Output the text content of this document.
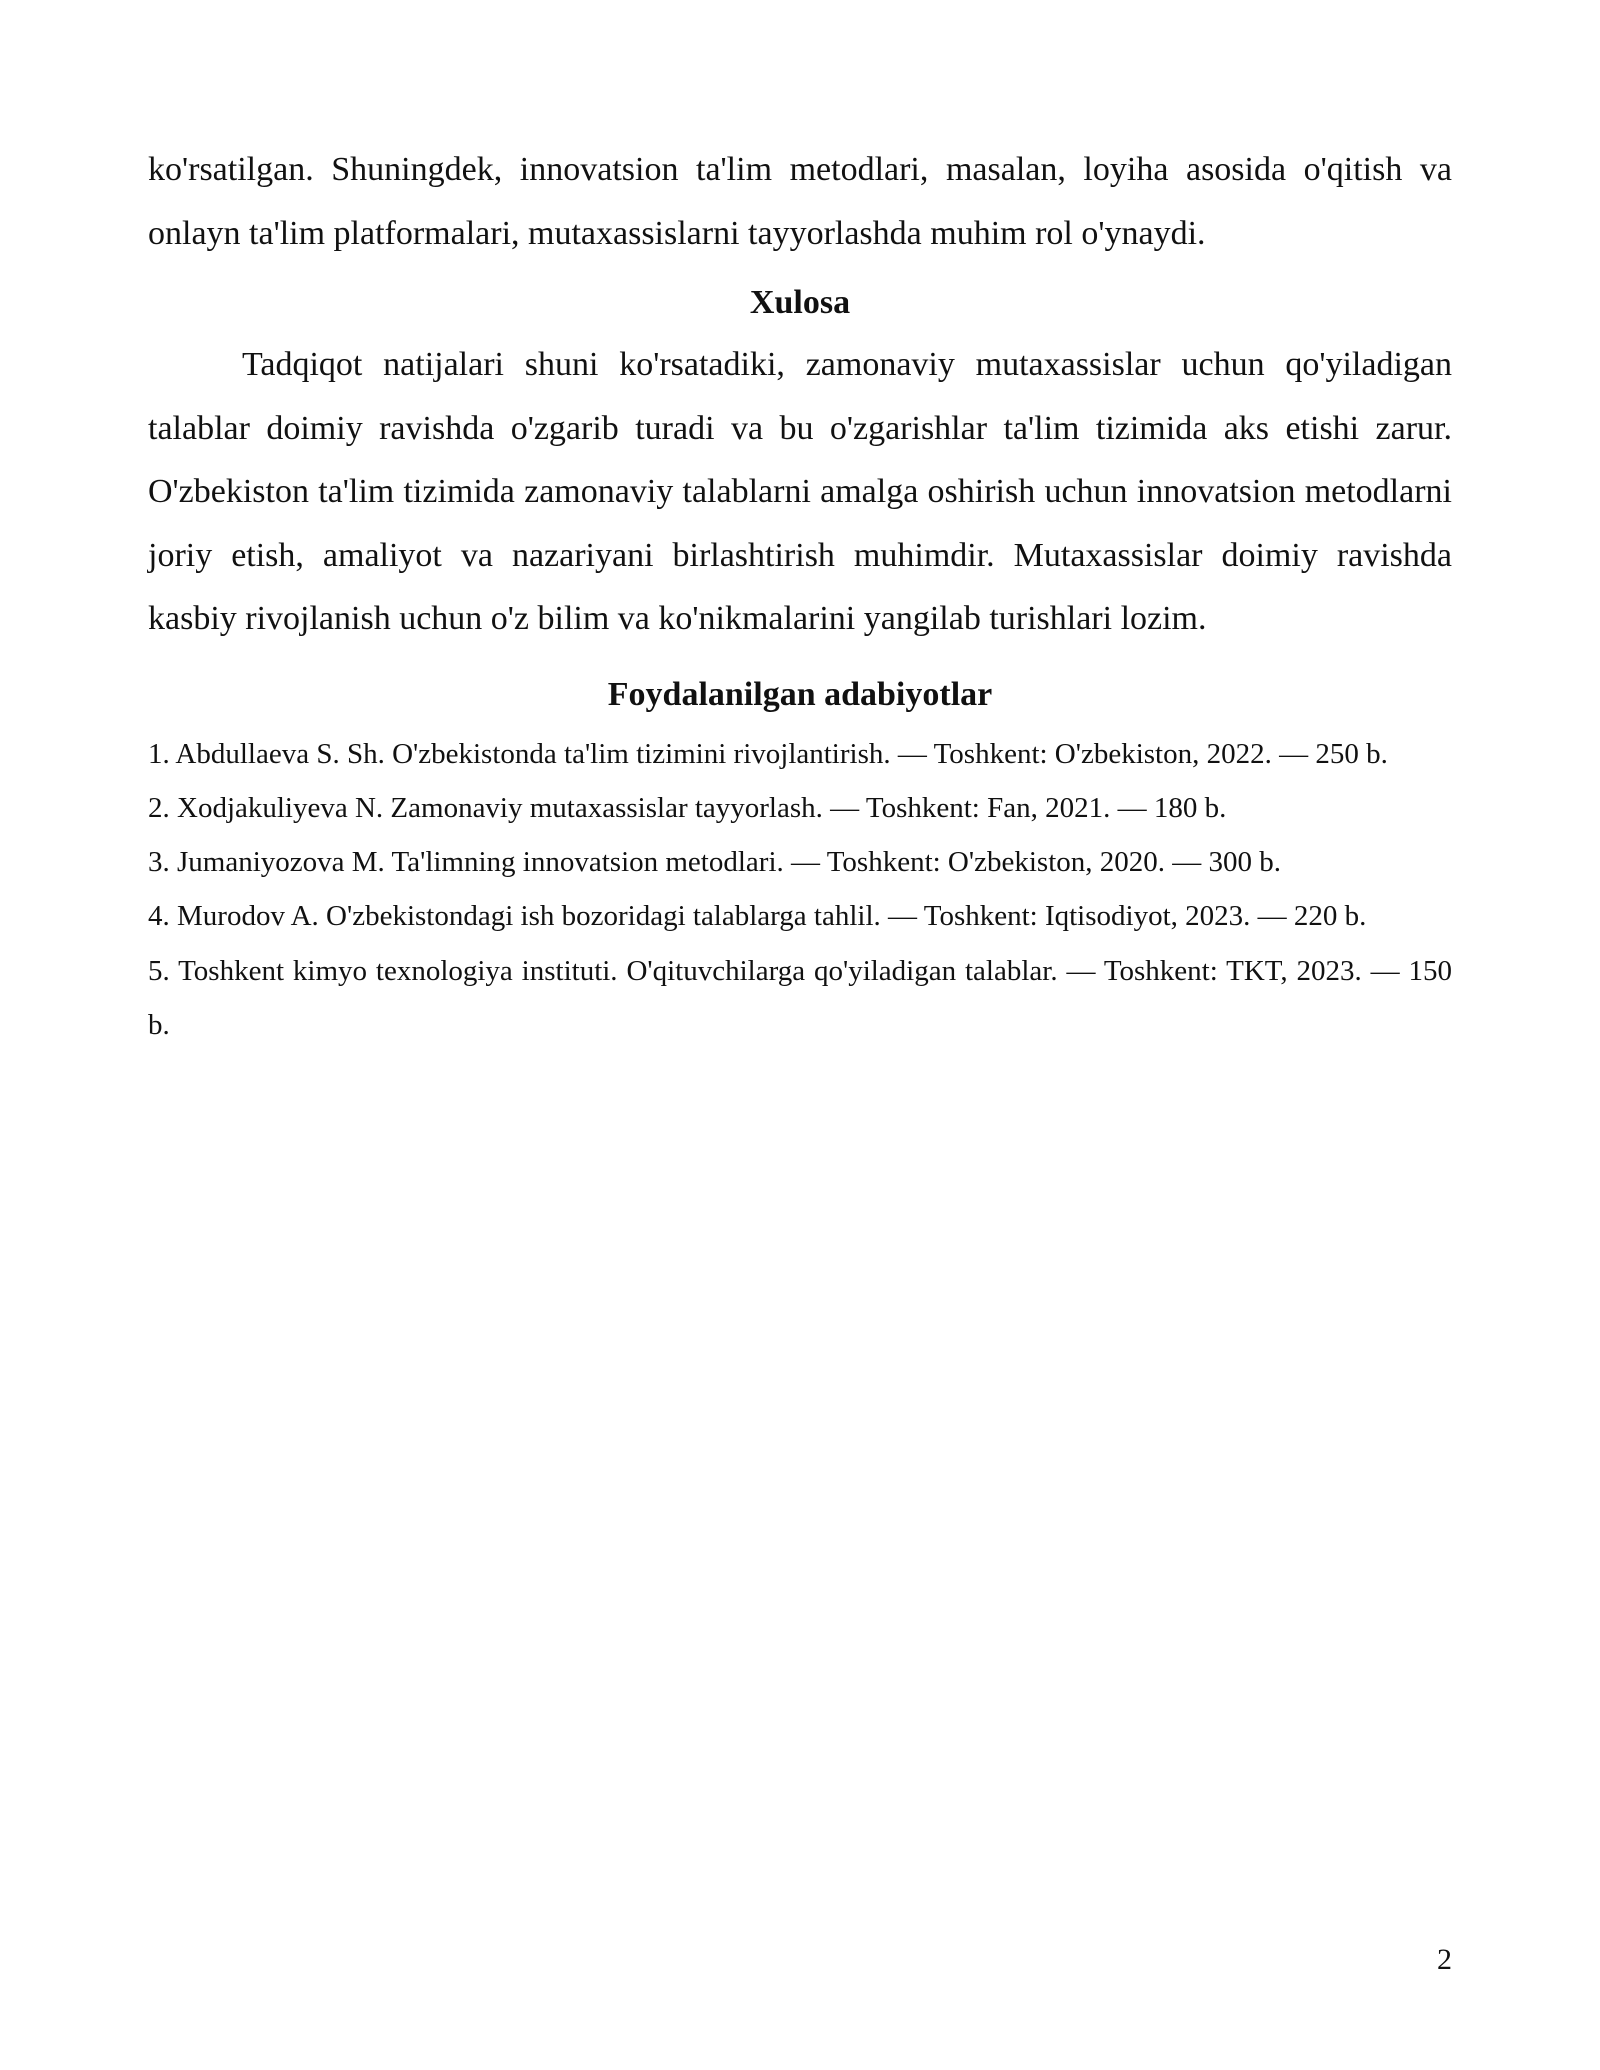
ko'rsatilgan. Shuningdek, innovatsion ta'lim metodlari, masalan, loyiha asosida o'qitish va onlayn ta'lim platformalari, mutaxassislarni tayyorlashda muhim rol o'ynaydi.

Xulosa

Tadqiqot natijalari shuni ko'rsatadiki, zamonaviy mutaxassislar uchun qo'yiladigan talablar doimiy ravishda o'zgarib turadi va bu o'zgarishlar ta'lim tizimida aks etishi zarur. O'zbekiston ta'lim tizimida zamonaviy talablarni amalga oshirish uchun innovatsion metodlarni joriy etish, amaliyot va nazariyani birlashtirish muhimdir. Mutaxassislar doimiy ravishda kasbiy rivojlanish uchun o'z bilim va ko'nikmalarini yangilab turishlari lozim.

Foydalanilgan adabiyotlar
1. Abdullaeva S. Sh. O'zbekistonda ta'lim tizimini rivojlantirish. — Toshkent: O'zbekiston, 2022. — 250 b.
2. Xodjakuliyeva N. Zamonaviy mutaxassislar tayyorlash. — Toshkent: Fan, 2021. — 180 b.
3. Jumaniyozova M. Ta'limning innovatsion metodlari. — Toshkent: O'zbekiston, 2020. — 300 b.
4. Murodov A. O'zbekistondagi ish bozoridagi talablarga tahlil. — Toshkent: Iqtisodiyot, 2023. — 220 b.
5. Toshkent kimyo texnologiya instituti. O'qituvchilarga qo'yiladigan talablar. — Toshkent: TKT, 2023. — 150 b.
2
